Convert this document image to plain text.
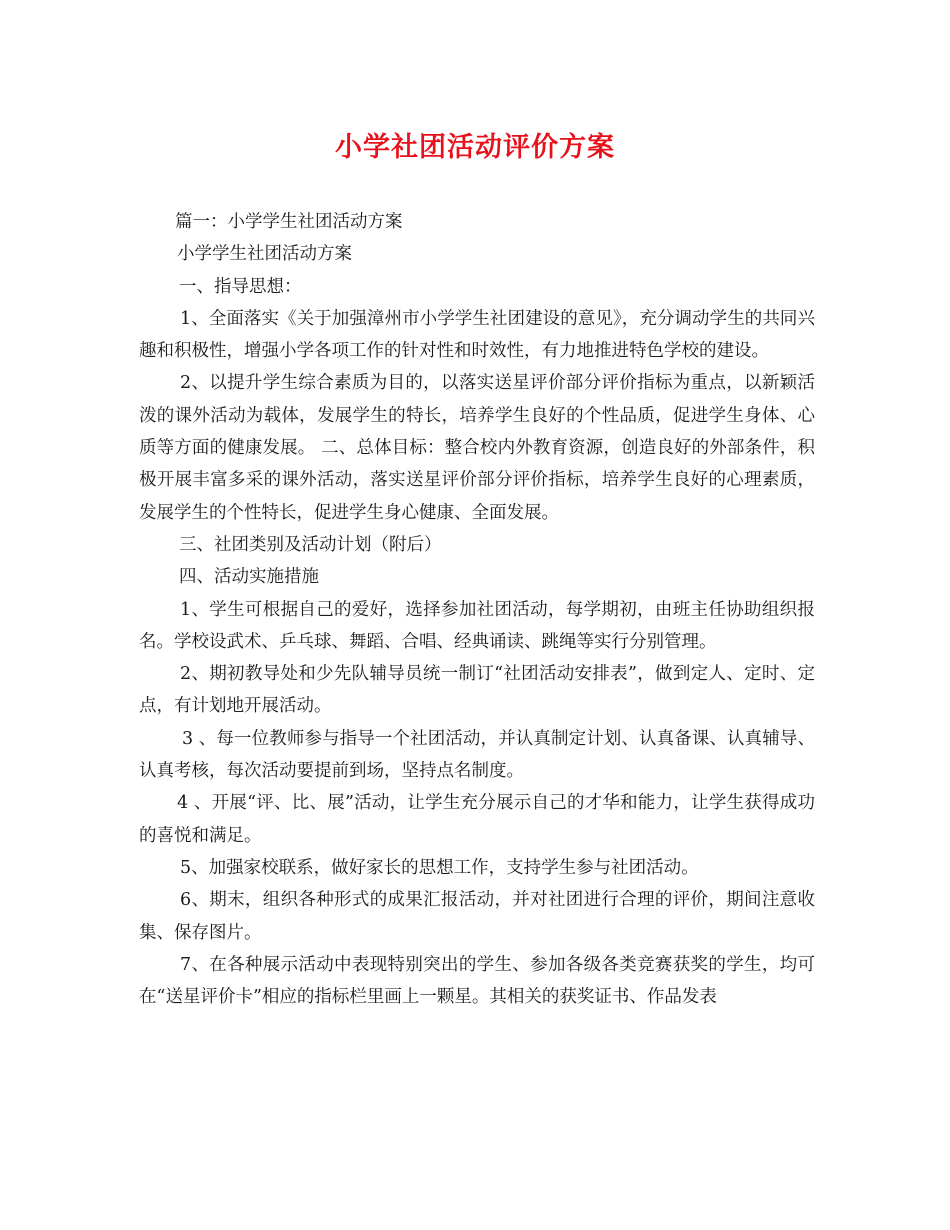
小学社团活动评价方案

篇一：小学学生社团活动方案

小学学生社团活动方案

一、指导思想：

1、全面落实《关于加强漳州市小学学生社团建设的意见》，充分调动学生的共同兴趣和积极性，增强小学各项工作的针对性和时效性，有力地推进特色学校的建设。

2、以提升学生综合素质为目的，以落实送星评价部分评价指标为重点，以新颖活泼的课外活动为载体，发展学生的特长，培养学生良好的个性品质，促进学生身体、心质等方面的健康发展。 二、总体目标：整合校内外教育资源，创造良好的外部条件，积极开展丰富多采的课外活动，落实送星评价部分评价指标，培养学生良好的心理素质，发展学生的个性特长，促进学生身心健康、全面发展。

三、社团类别及活动计划（附后）

四、活动实施措施

1、学生可根据自己的爱好，选择参加社团活动，每学期初，由班主任协助组织报名。学校设武术、乒乓球、舞蹈、合唱、经典诵读、跳绳等实行分别管理。

2、期初教导处和少先队辅导员统一制订“社团活动安排表”，做到定人、定时、定点，有计划地开展活动。

3 、每一位教师参与指导一个社团活动，并认真制定计划、认真备课、认真辅导、认真考核，每次活动要提前到场，坚持点名制度。

4 、开展“评、比、展”活动，让学生充分展示自己的才华和能力，让学生获得成功的喜悦和满足。

5、加强家校联系，做好家长的思想工作，支持学生参与社团活动。

6、期末，组织各种形式的成果汇报活动，并对社团进行合理的评价，期间注意收集、保存图片。

7、在各种展示活动中表现特别突出的学生、参加各级各类竞赛获奖的学生，均可在“送星评价卡”相应的指标栏里画上一颗星。其相关的获奖证书、作品发表
